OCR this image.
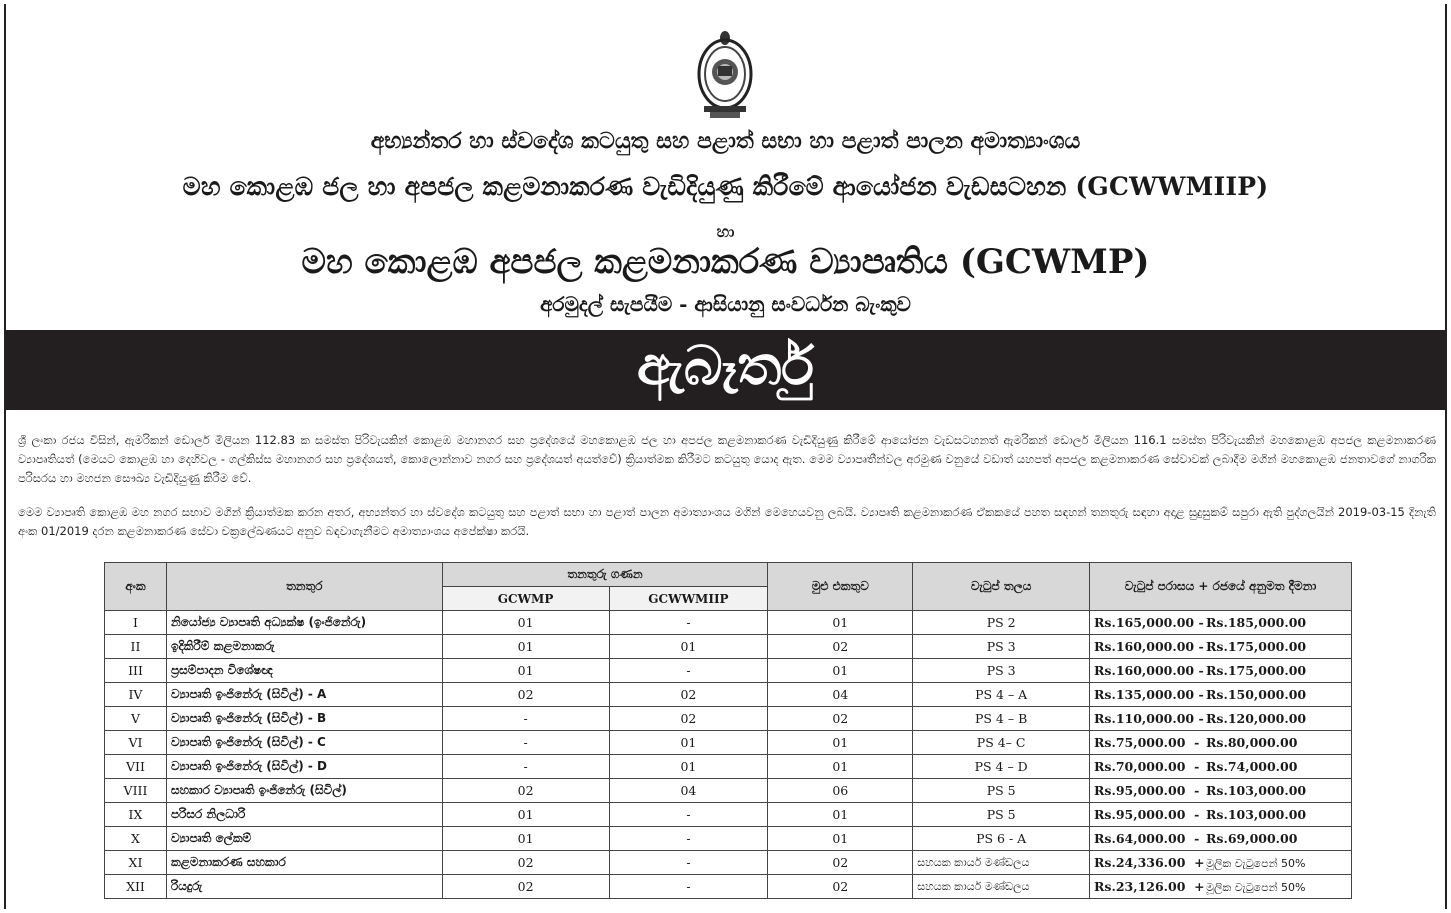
අභ්‍යන්තර හා ස්වදේශ කටයුතු සහ පළාත් සභා හා පළාත් පාලන අමාත්‍යාංශය
මහ කොළඹ ජල හා අපජල කළමනාකරණ වැඩිදියුණු කිරීමේ ආයෝජන වැඩසටහන (GCWWMIIP)
හා
මහ කොළඹ අපජල කළමනාකරණ ව්‍යාපෘතිය (GCWMP)
අරමුදල් සැපයීම - ආසියානු සංවර්ධන බැංකුව
ඇබෑර්තු
ශ්‍රී ලංකා රජය විසින්, ඇමරිකන් ඩොලර් මිලියන 112.83 ක සමස්ත පිරිවැයකින් කොළඹ මහානගර සහ ප්‍රදේශයේ මහකොළඹ ජල හා අපජල කළමනාකරණ වැඩිදියුණු කිරීමේ ආයෝජන වැඩසටහනත් ඇමරිකන් ඩොලර් මිලියන 116.1 සමස්ත පිරිවැයකින් මහකොළඹ අපජල කළමනාකරණ ව්‍යාපෘතියත් (මෙයට කොළඹ හා දෙහිවල - ගල්කිස්ස මහානගර සහ ප්‍රදේශයත්, කොලොන්නාව නගර සහ ප්‍රදේශයත් අයත්වේ) ක්‍රියාත්මක කිරීමට කටයුතු යොද ඇත. මෙම ව්‍යාපෘතීන්වල අරමුණ වනුයේ වඩාත් යහපත් අපජල කළමනාකරණ සේවාවක් ලබාදීම මගින් මහකොළඹ ජනතාවගේ නාගරික පරිසරය හා මහජන සෞඛ්‍ය වැඩිදියුණු කිරීම වේ.
මෙම ව්‍යාපෘති කොළඹ මහ නගර සභාව මගින් ක්‍රියාත්මක කරන අතර, අභ්‍යන්තර හා ස්වදේශ කටයුතු සහ පළාත් සභා හා පළාත් පාලන අමාත්‍යාංශය මගින් මෙහෙයවනු ලබයි. ව්‍යාපෘති කළමනාකරණ ඒකකයේ පහත සඳහන් තනතුරු සඳහා අදාළ සුදුසුකම් සපුරා ඇති පුද්ගලයින් 2019-03-15 දිනැති අංක 01/2019 දරන කළමනාකරණ සේවා චක්‍රලේඛණයට අනුව බඳවාගැනීමට අමාත්‍යාංශය අපේක්ෂා කරයි.
අංක	තනතුර	තනතුරු ගණන		මුළු එකතුව	වැටුප් තලය	වැටුප් පරාසය + රජයේ අනුමත දීමනා
		GCWMP	GCWWMIIP			
I	නියෝජ්‍ය ව්‍යාපෘති අධ්‍යක්ෂ (ඉංජිනේරු)	01	-	01	PS 2	Rs.165,000.00 - Rs.185,000.00
II	ඉදිකිරීම් කළමනාකරු	01	01	02	PS 3	Rs.160,000.00 - Rs.175,000.00
III	ප්‍රසම්පාදන විශේෂඥ	01	-	01	PS 3	Rs.160,000.00 - Rs.175,000.00
IV	ව්‍යාපෘති ඉංජිනේරු (සිවිල්) - A	02	02	04	PS 4 – A	Rs.135,000.00 - Rs.150,000.00
V	ව්‍යාපෘති ඉංජිනේරු (සිවිල්) - B	-	02	02	PS 4 – B	Rs.110,000.00 - Rs.120,000.00
VI	ව්‍යාපෘති ඉංජිනේරු (සිවිල්) - C	-	01	01	PS 4– C	Rs.75,000.00  - Rs.80,000.00
VII	ව්‍යාපෘති ඉංජිනේරු (සිවිල්) - D	-	01	01	PS 4 – D	Rs.70,000.00  - Rs.74,000.00
VIII	සහකාර ව්‍යාපෘති ඉංජිනේරු (සිවිල්)	02	04	06	PS 5	Rs.95,000.00  - Rs.103,000.00
IX	පරිසර නිලධාරි	01	-	01	PS 5	Rs.95,000.00  - Rs.103,000.00
X	ව්‍යාපෘති ලේකම්	01	-	01	PS 6 - A	Rs.64,000.00  - Rs.69,000.00
XI	කළමනාකරණ සහකාර	02	-	02	සහයක කාර්ය මණ්ඩලය	Rs.24,336.00  +මූලික වැටුපෙන් 50%
XII	රියදුරු	02	-	02	සහයක කාර්ය මණ්ඩලය	Rs.23,126.00  +මූලික වැටුපෙන් 50%
